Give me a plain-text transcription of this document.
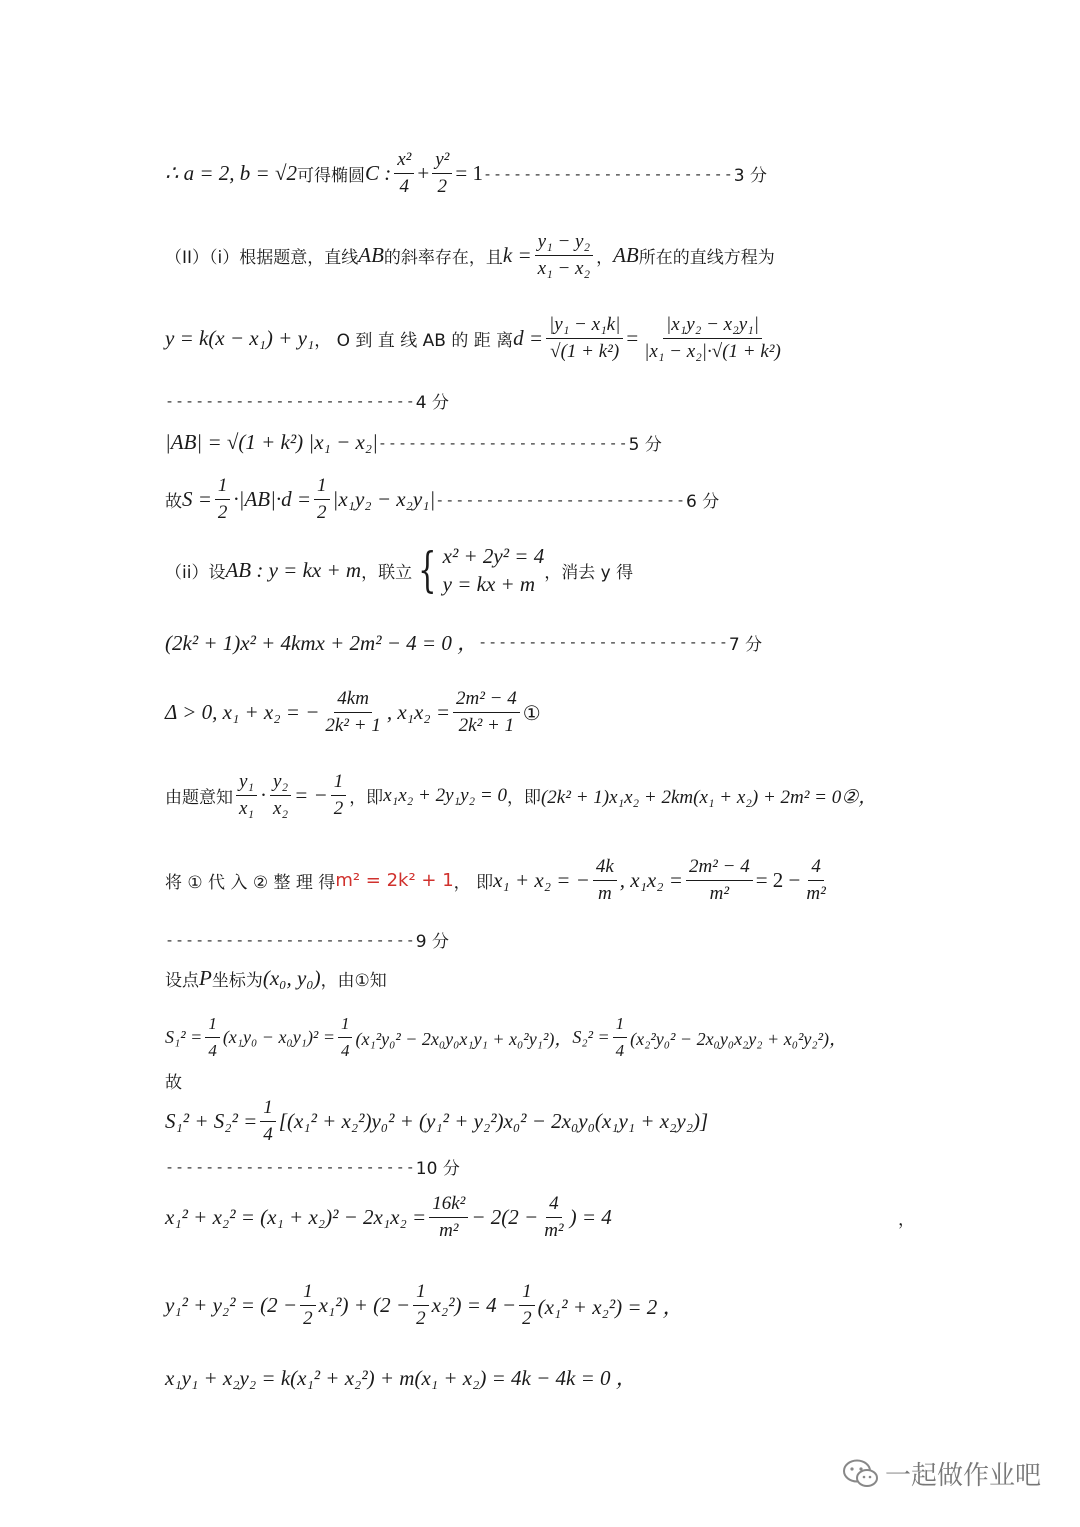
∴ a = 2, b = √2 可得椭圆 C : $\frac{\text{x²}}{4} + \frac{\text{y²}}{2} = 1$ ------------------------- 3 分
（II）（i）根据题意，直线 AB 的斜率存在，且 $k = \frac{\text{y₁ − y₂}}{\text{x₁ − x₂}}$ ， AB 所在的直线方程为
y = k(x − x₁) + y₁ ， O 到 直 线 AB 的 距 离 $d = \frac{\text{|y₁ − x₁k|}}{\text{√(1 + k²)}} = \frac{\text{|x₁y₂ − x₂y₁|}}{\text{|x₁ − x₂|·√(1 + k²)}}$
------------------------- 4 分
|AB| = √(1 + k²) |x₁ − x₂| ------------------------- 5 分
故 $S = \frac{1}{2} \cdot|AB|\cdot d = \frac{1}{2} |x_1y_2 - x_2y_1|$ ------------------------- 6 分
（ii）设 AB : y = kx + m ，联立 { x² + 2y² = 4
y = kx + m ，消去 y 得
(2k² + 1)x² + 4kmx + 2m² − 4 = 0 ， ------------------------- 7 分
Δ > 0, x₁ + x₂ = − $\frac{4km}{\text{2k² + 1}}$ , $x_1x_2 = \frac{\text{2m² − 4}}{\text{2k² + 1}}$ ①
由题意知 $\frac{\text{y₁}}{\text{x₁}} \cdot \frac{\text{y₂}}{\text{x₂}}$ = − $\frac{1}{2}$ ，即 x₁x₂ + 2y₁y₂ = 0 ，即 (2k² + 1)x₁x₂ + 2km(x₁ + x₂) + 2m² = 0②，
将 ① 代 入 ② 整 理 得 m² = 2k² + 1 ， 即 x₁ + x₂ = − $\frac{4k}{m}$ , $x_1x_2 = \frac{\text{2m² − 4}}{\text{m²}} = 2 - \frac{4}{\text{m²}}$
------------------------- 9 分
设点 P 坐标为 (x₀, y₀) ，由①知
$S_1^2 = \frac{1}{4} (x_1y_0 - x_0y_1)^2 = \frac{1}{4} (x_1^2y_0^2 - 2x_0y_0x_1y_1 + x_0^2y_1^2)$， $S_2^2 = \frac{1}{4} (x_2^2y_0^2 - 2x_0y_0x_2y_2 + x_0^2y_2^2)$，
故
$S_1^2 + S_2^2 = \frac{1}{4} [(x_1^2 + x_2^2)y_0^2 + (y_1^2 + y_2^2)x_0^2 - 2x_0y_0(x_1y_1 + x_2y_2)]$
------------------------- 10 分
$x_1^2 + x_2^2 = (x_1 + x_2)^2 - 2x_1x_2 = \frac{\text{16k²}}{\text{m²}} - 2(2 - \frac{4}{\text{m²}}$ ) = 4	，
$y_1^2 + y_2^2 = (2 - \frac{1}{2} x_1^2) + (2 - \frac{1}{2} x_2^2) = 4 - \frac{1}{2} (x_1^2 + x_2^2) = 2$ ，
x₁y₁ + x₂y₂ = k(x₁² + x₂²) + m(x₁ + x₂) = 4k − 4k = 0 ，
一起做作业吧
